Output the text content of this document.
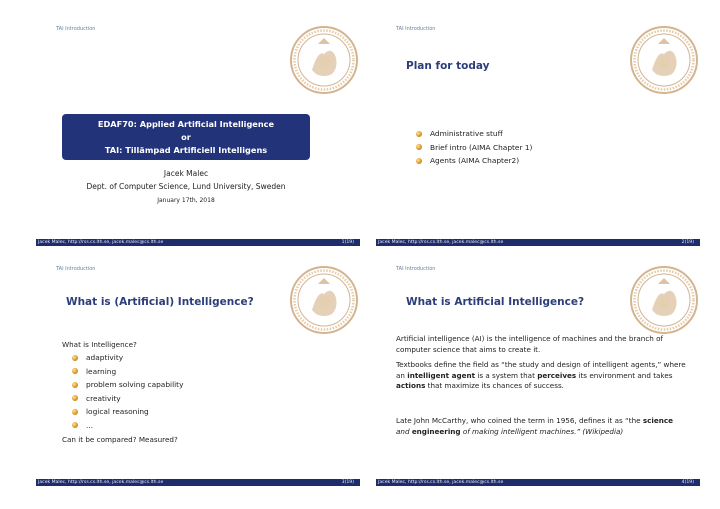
TAI Introduction
EDAF70: Applied Artificial Intelligence
or
TAI: Tillämpad Artificiell Intelligens
Jacek Malec
Dept. of Computer Science, Lund University, Sweden
January 17th, 2018
Jacek Malec, http://rss.cs.lth.se, jacek.malec@cs.lth.se	1(19)
TAI Introduction
Plan for today
Administrative stuff
Brief intro (AIMA Chapter 1)
Agents (AIMA Chapter2)
Jacek Malec, http://rss.cs.lth.se, jacek.malec@cs.lth.se	2(19)
TAI Introduction
What is (Artificial) Intelligence?
What is Intelligence?
adaptivity
learning
problem solving capability
creativity
logical reasoning
...
Can it be compared? Measured?
Jacek Malec, http://rss.cs.lth.se, jacek.malec@cs.lth.se	3(19)
TAI Introduction
What is Artificial Intelligence?
Artificial intelligence (AI) is the intelligence of machines and the branch of computer science that aims to create it.
Textbooks define the field as “the study and design of intelligent agents,” where an intelligent agent is a system that perceives its environment and takes actions that maximize its chances of success.
Late John McCarthy, who coined the term in 1956, defines it as “the science and engineering of making intelligent machines.” (Wikipedia)
Jacek Malec, http://rss.cs.lth.se, jacek.malec@cs.lth.se	4(19)
